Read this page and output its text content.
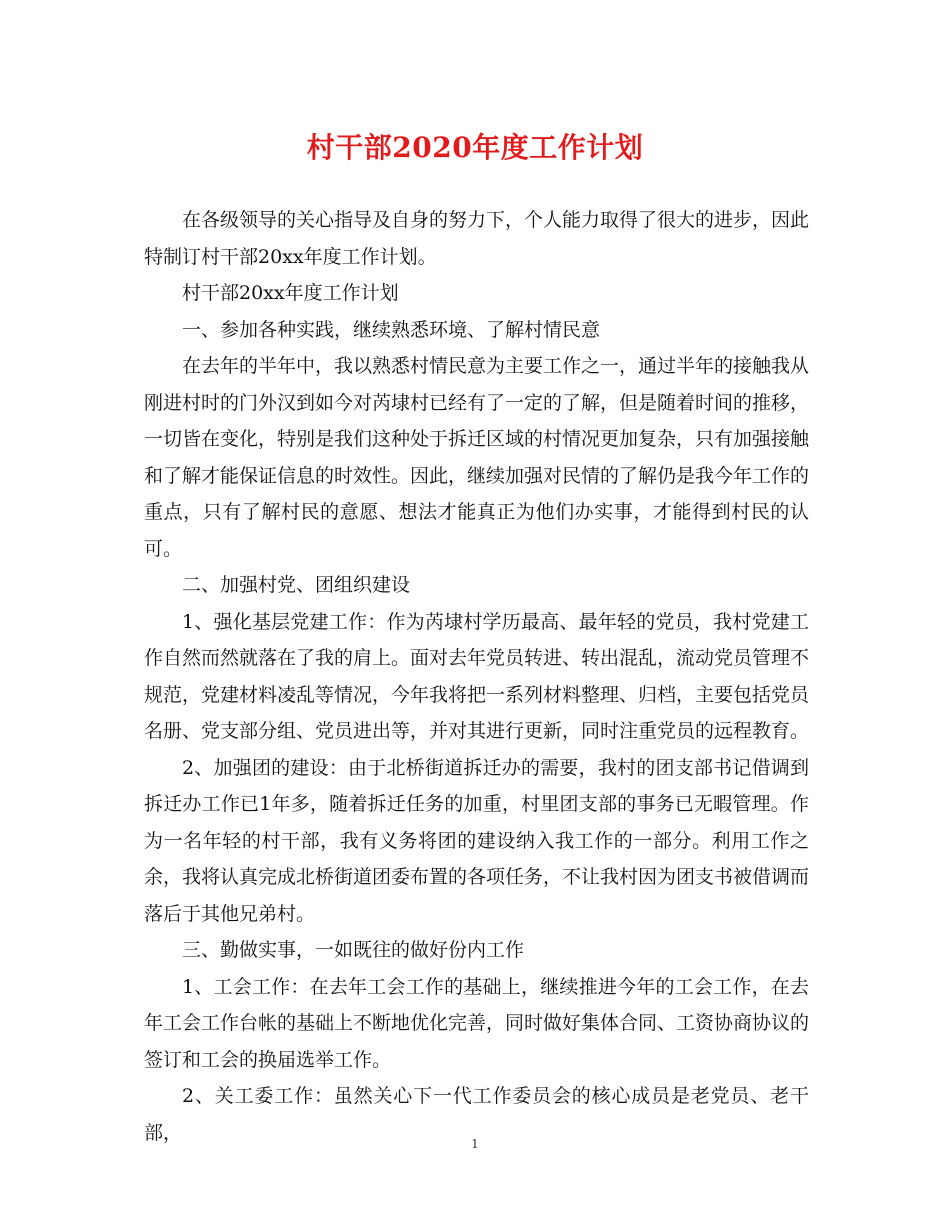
村干部2020年度工作计划

在各级领导的关心指导及自身的努力下，个人能力取得了很大的进步，因此特制订村干部20xx年度工作计划。

村干部20xx年度工作计划

一、参加各种实践，继续熟悉环境、了解村情民意

在去年的半年中，我以熟悉村情民意为主要工作之一，通过半年的接触我从刚进村时的门外汉到如今对芮埭村已经有了一定的了解，但是随着时间的推移，一切皆在变化，特别是我们这种处于拆迁区域的村情况更加复杂，只有加强接触和了解才能保证信息的时效性。因此，继续加强对民情的了解仍是我今年工作的重点，只有了解村民的意愿、想法才能真正为他们办实事，才能得到村民的认可。

二、加强村党、团组织建设

1、强化基层党建工作：作为芮埭村学历最高、最年轻的党员，我村党建工作自然而然就落在了我的肩上。面对去年党员转进、转出混乱，流动党员管理不规范，党建材料凌乱等情况，今年我将把一系列材料整理、归档，主要包括党员名册、党支部分组、党员进出等，并对其进行更新，同时注重党员的远程教育。

2、加强团的建设：由于北桥街道拆迁办的需要，我村的团支部书记借调到拆迁办工作已1年多，随着拆迁任务的加重，村里团支部的事务已无暇管理。作为一名年轻的村干部，我有义务将团的建设纳入我工作的一部分。利用工作之余，我将认真完成北桥街道团委布置的各项任务，不让我村因为团支书被借调而落后于其他兄弟村。

三、勤做实事，一如既往的做好份内工作

1、工会工作：在去年工会工作的基础上，继续推进今年的工会工作，在去年工会工作台帐的基础上不断地优化完善，同时做好集体合同、工资协商协议的签订和工会的换届选举工作。

2、关工委工作：虽然关心下一代工作委员会的核心成员是老党员、老干部，

1
